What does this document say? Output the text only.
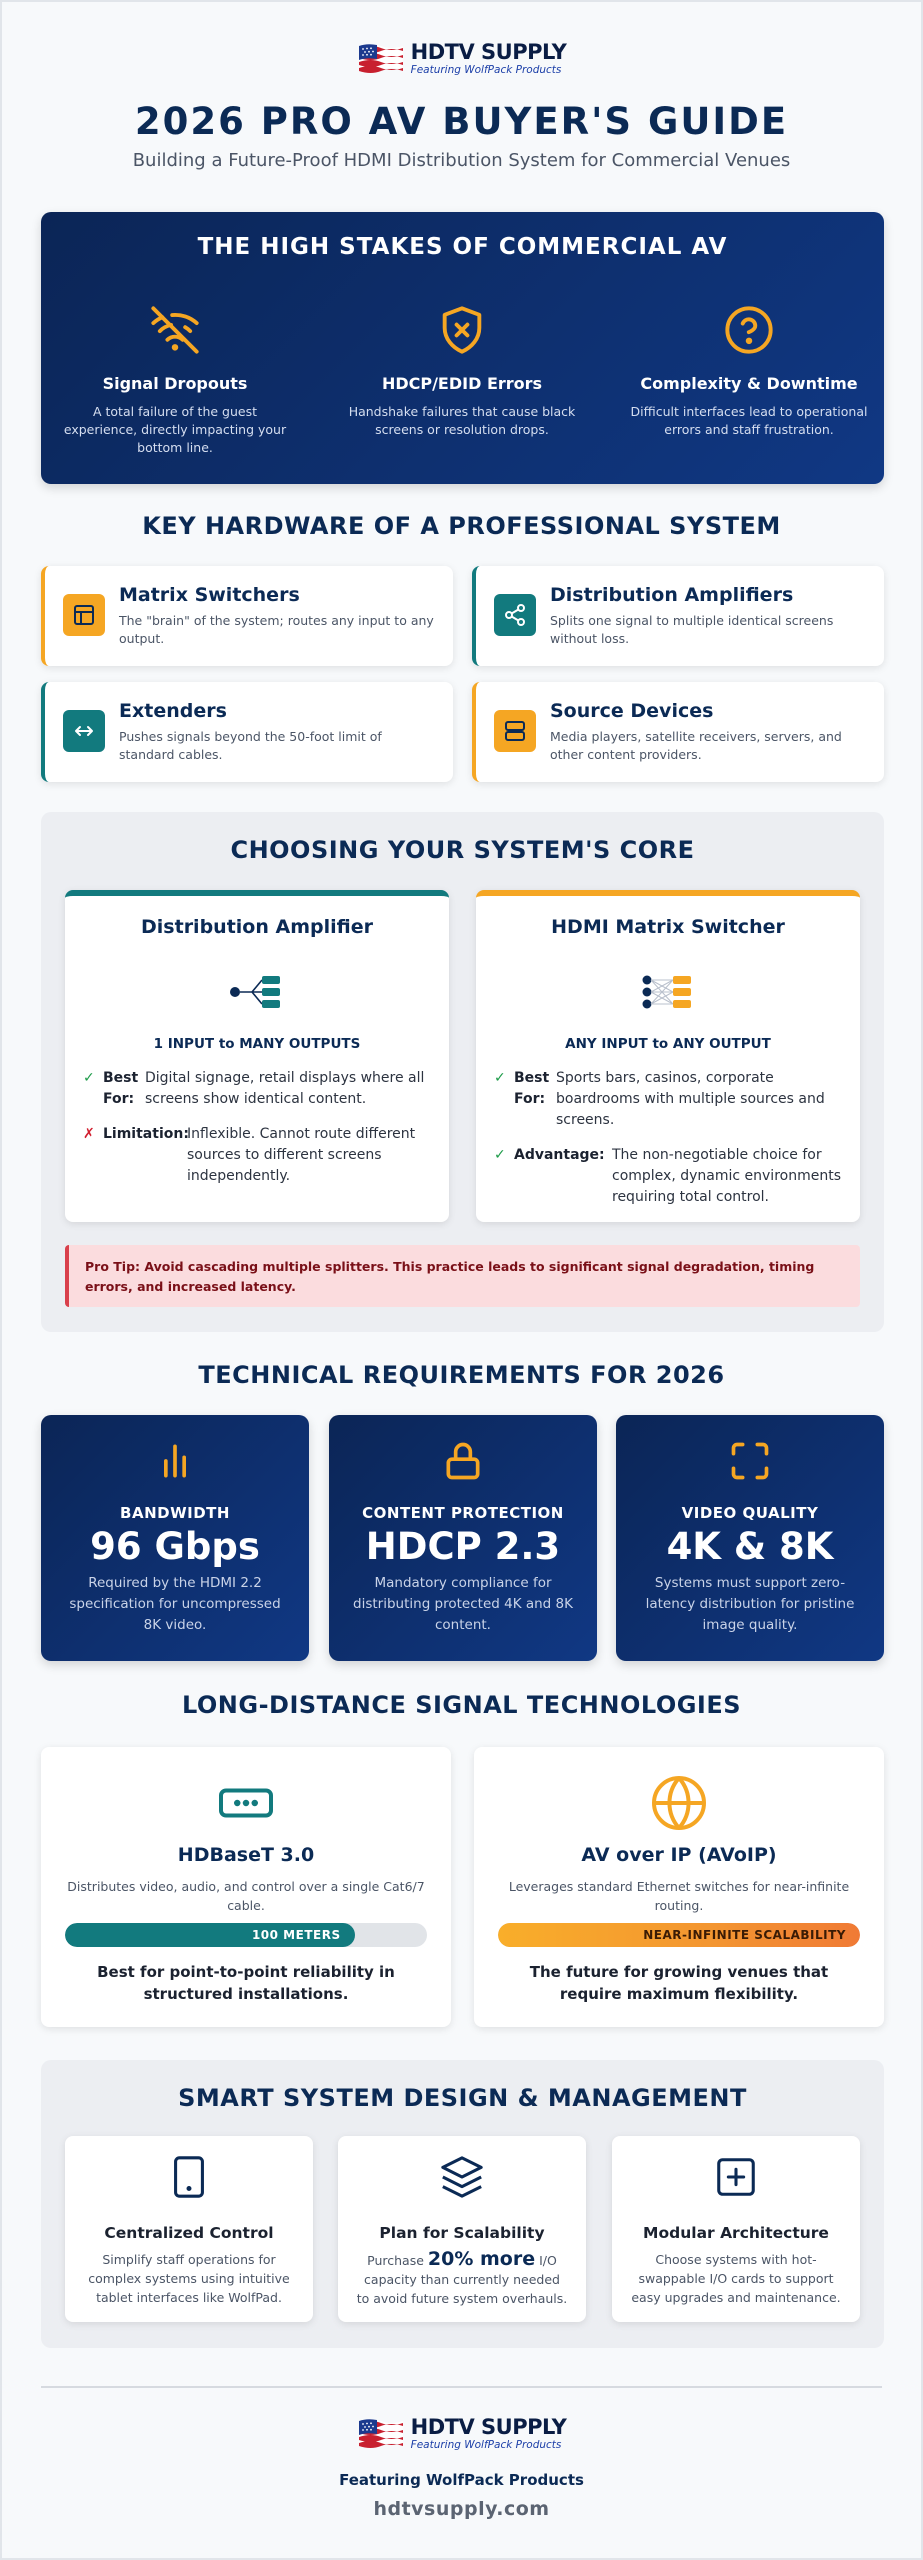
HDTV SUPPLY
Featuring WolfPack Products
2026 PRO AV BUYER'S GUIDE
Building a Future-Proof HDMI Distribution System for Commercial Venues
THE HIGH STAKES OF COMMERCIAL AV
Signal Dropouts

A total failure of the guest experience, directly impacting your bottom line.

HDCP/EDID Errors

Handshake failures that cause black screens or resolution drops.

Complexity & Downtime

Difficult interfaces lead to operational errors and staff frustration.

KEY HARDWARE OF A PROFESSIONAL SYSTEM
Matrix Switchers

The "brain" of the system; routes any input to any output.

Distribution Amplifiers

Splits one signal to multiple identical screens without loss.

Extenders

Pushes signals beyond the 50-foot limit of standard cables.

Source Devices

Media players, satellite receivers, servers, and other content providers.

CHOOSING YOUR SYSTEM'S CORE
Distribution Amplifier
1 INPUT to MANY OUTPUTS
✓ Best For:
Digital signage, retail displays where all screens show identical content.
✗ Limitation:
Inflexible. Cannot route different sources to different screens independently.
HDMI Matrix Switcher
ANY INPUT to ANY OUTPUT
✓ Best For:
Sports bars, casinos, corporate boardrooms with multiple sources and screens.
✓ Advantage: The non-negotiable choice for complex, dynamic environments requiring total control.
Pro Tip: Avoid cascading multiple splitters. This practice leads to significant signal degradation, timing errors, and increased latency.
TECHNICAL REQUIREMENTS FOR 2026
BANDWIDTH
96 Gbps
Required by the HDMI 2.2 specification for uncompressed 8K video.
CONTENT PROTECTION
HDCP 2.3
Mandatory compliance for distributing protected 4K and 8K content.
VIDEO QUALITY
4K & 8K
Systems must support zero-latency distribution for pristine image quality.
LONG-DISTANCE SIGNAL TECHNOLOGIES
HDBaseT 3.0

Distributes video, audio, and control over a single Cat6/7 cable.

100 METERS
Best for point-to-point reliability in structured installations.
AV over IP (AVoIP)

Leverages standard Ethernet switches for near-infinite routing.

NEAR-INFINITE SCALABILITY
The future for growing venues that require maximum flexibility.
SMART SYSTEM DESIGN & MANAGEMENT
Centralized Control

Simplify staff operations for complex systems using intuitive tablet interfaces like WolfPad.

Plan for Scalability

Purchase 20% more I/O capacity than currently needed to avoid future system overhauls.

Modular Architecture

Choose systems with hot-swappable I/O cards to support easy upgrades and maintenance.

HDTV SUPPLY
Featuring WolfPack Products
Featuring WolfPack Products
hdtvsupply.com
